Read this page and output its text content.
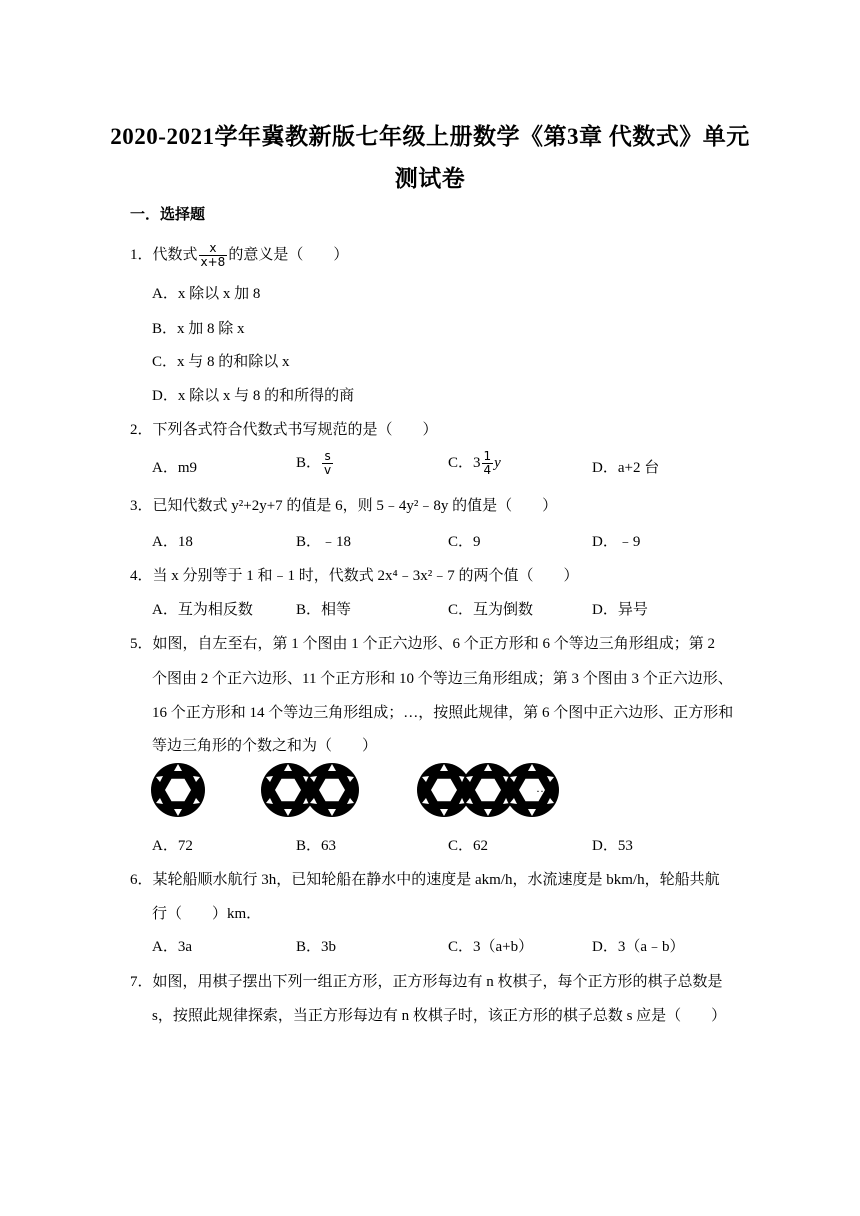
2020-2021学年冀教新版七年级上册数学《第3章 代数式》单元
测试卷
一．选择题
1．代数式 $\frac{x}{x+8}$ 的意义是（　　）
A．x 除以 x 加 8
B．x 加 8 除 x
C．x 与 8 的和除以 x
D．x 除以 x 与 8 的和所得的商
2．下列各式符合代数式书写规范的是（　　）
A．m9	B． $\frac{s}{v}$	C．$3 \frac{1}{4}$ y	D．a+2 台
3．已知代数式 y²+2y+7 的值是 6，则 5﹣4y²﹣8y 的值是（　　）
A．18	B．﹣18	C．9	D．﹣9
4．当 x 分别等于 1 和﹣1 时，代数式 2x⁴﹣3x²﹣7 的两个值（　　）
A．互为相反数	B．相等	C．互为倒数	D．异号
5．如图，自左至右，第 1 个图由 1 个正六边形、6 个正方形和 6 个等边三角形组成；第 2
个图由 2 个正六边形、11 个正方形和 10 个等边三角形组成；第 3 个图由 3 个正六边形、
16 个正方形和 14 个等边三角形组成；…，按照此规律，第 6 个图中正六边形、正方形和
等边三角形的个数之和为（　　）
…
A．72	B．63	C．62	D．53
6．某轮船顺水航行 3h，已知轮船在静水中的速度是 akm/h，水流速度是 bkm/h，轮船共航
行（　　）km．
A．3a	B．3b	C．3（a+b）	D．3（a﹣b）
7．如图，用棋子摆出下列一组正方形，正方形每边有 n 枚棋子，每个正方形的棋子总数是
s，按照此规律探索，当正方形每边有 n 枚棋子时，该正方形的棋子总数 s 应是（　　）
